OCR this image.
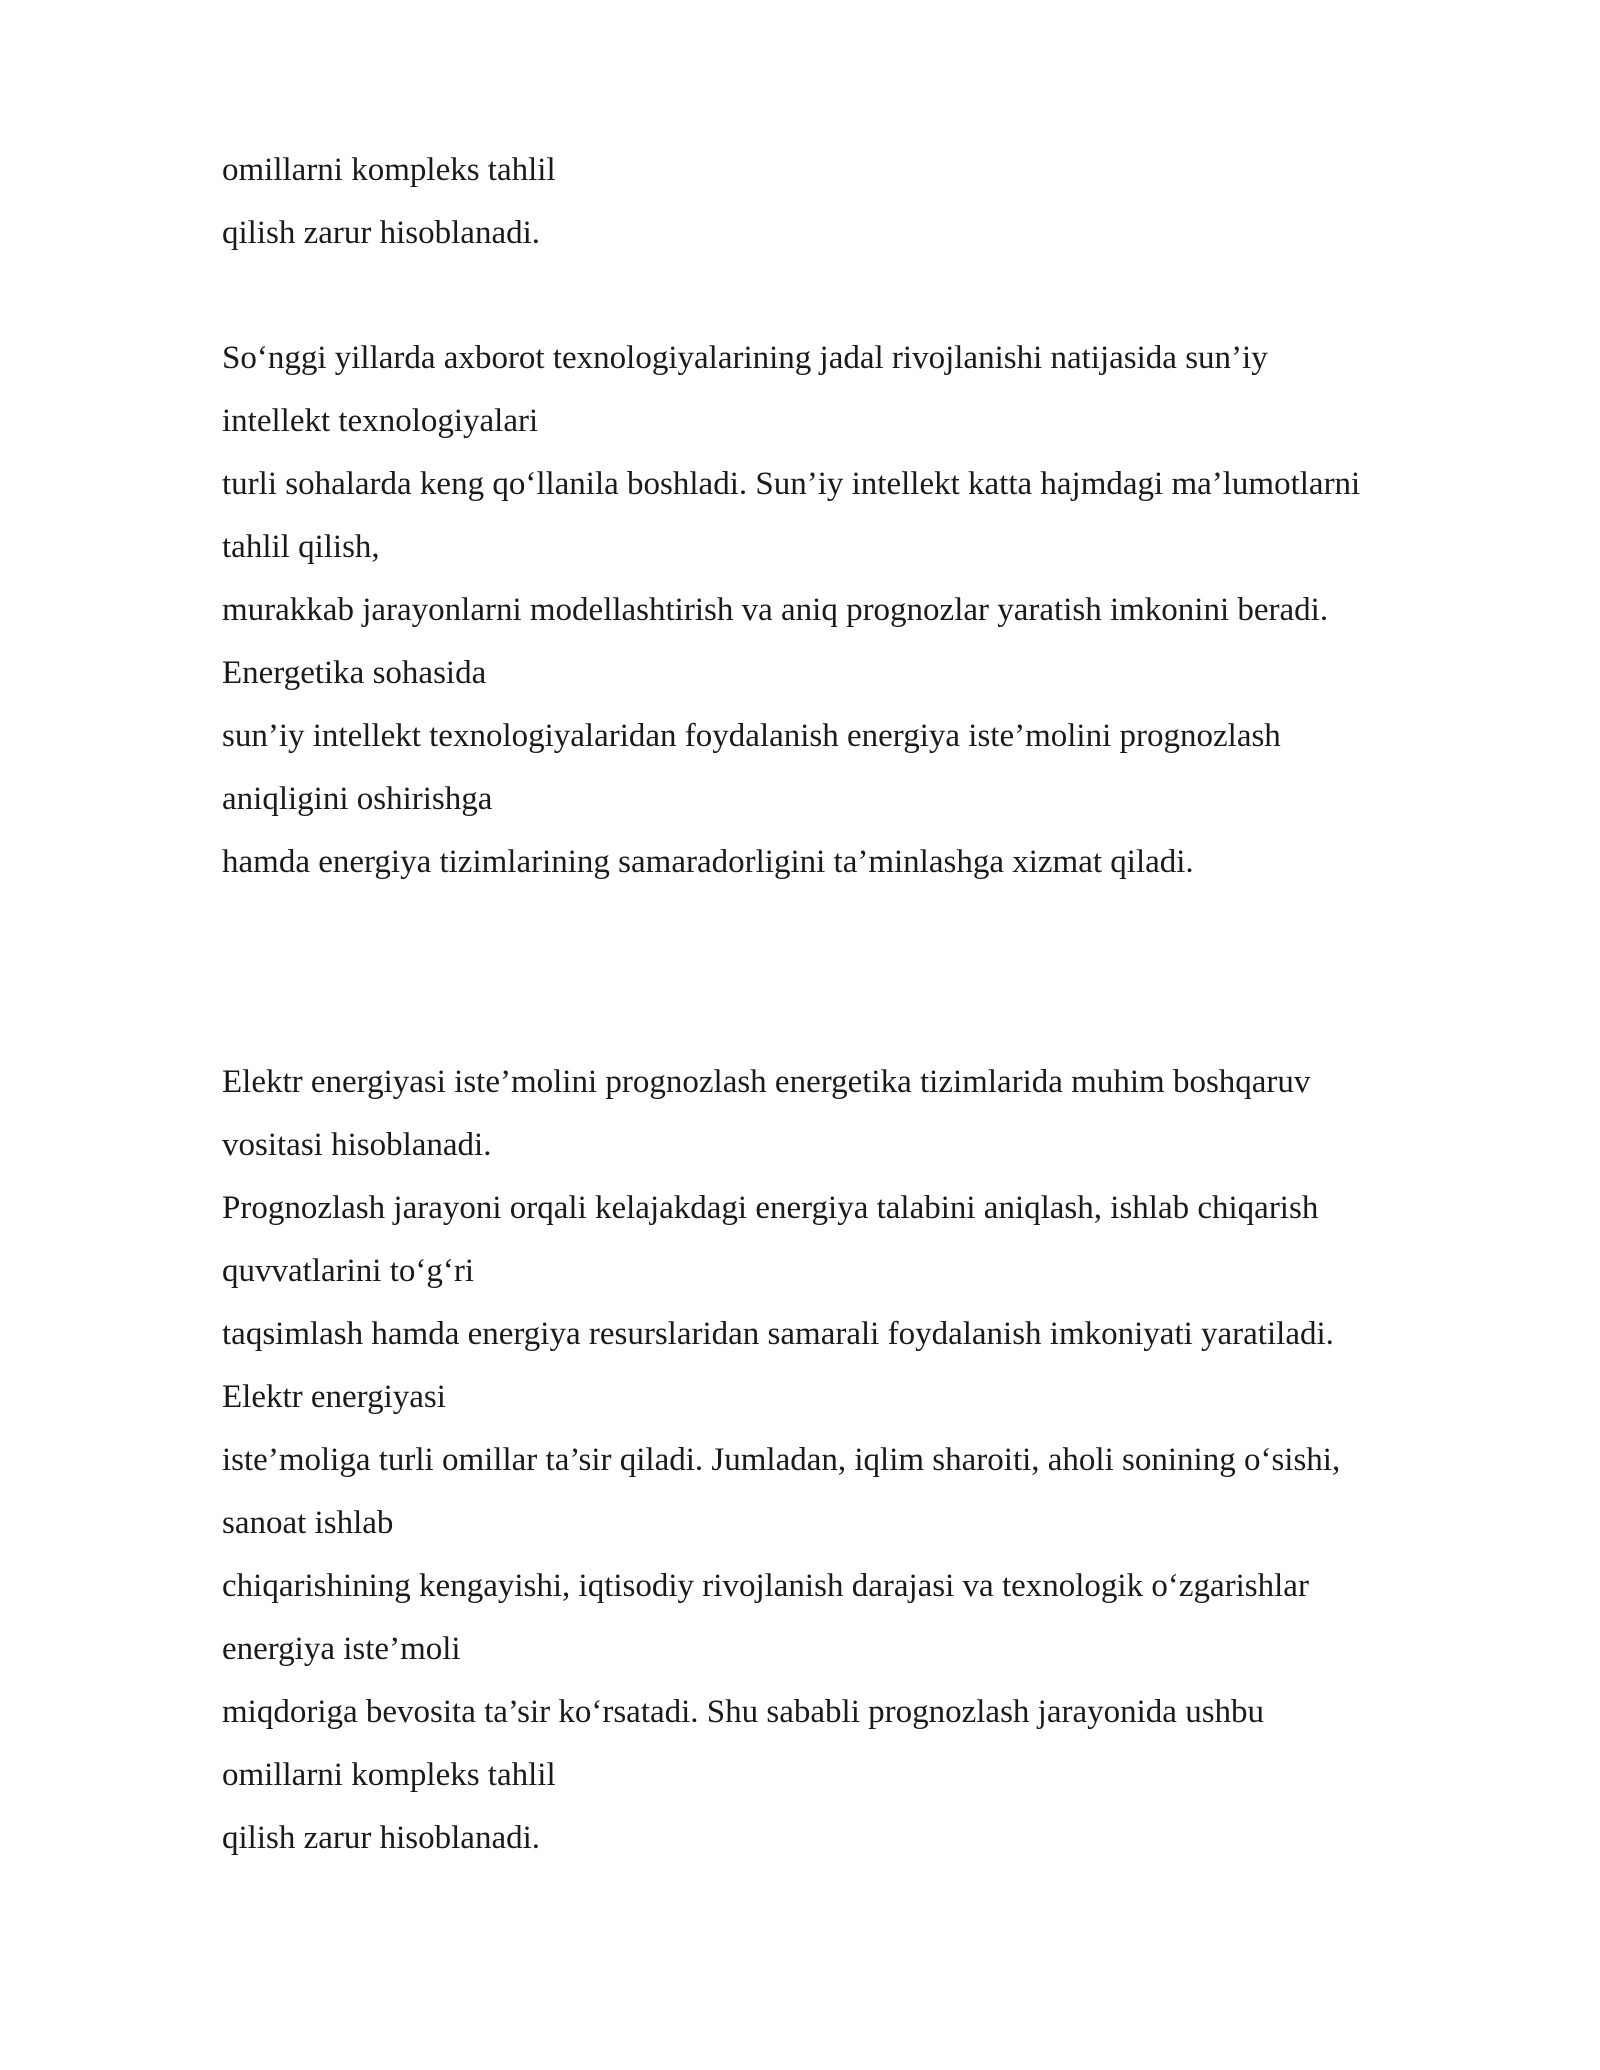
omillarni kompleks tahlil
qilish zarur hisoblanadi.
So‘nggi yillarda axborot texnologiyalarining jadal rivojlanishi natijasida sun’iy
intellekt texnologiyalari
turli sohalarda keng qo‘llanila boshladi. Sun’iy intellekt katta hajmdagi ma’lumotlarni
tahlil qilish,
murakkab jarayonlarni modellashtirish va aniq prognozlar yaratish imkonini beradi.
Energetika sohasida
sun’iy intellekt texnologiyalaridan foydalanish energiya iste’molini prognozlash
aniqligini oshirishga
hamda energiya tizimlarining samaradorligini ta’minlashga xizmat qiladi.
Elektr energiyasi iste’molini prognozlash energetika tizimlarida muhim boshqaruv
vositasi hisoblanadi.
Prognozlash jarayoni orqali kelajakdagi energiya talabini aniqlash, ishlab chiqarish
quvvatlarini to‘g‘ri
taqsimlash hamda energiya resurslaridan samarali foydalanish imkoniyati yaratiladi.
Elektr energiyasi
iste’moliga turli omillar ta’sir qiladi. Jumladan, iqlim sharoiti, aholi sonining o‘sishi,
sanoat ishlab
chiqarishining kengayishi, iqtisodiy rivojlanish darajasi va texnologik o‘zgarishlar
energiya iste’moli
miqdoriga bevosita ta’sir ko‘rsatadi. Shu sababli prognozlash jarayonida ushbu
omillarni kompleks tahlil
qilish zarur hisoblanadi.
